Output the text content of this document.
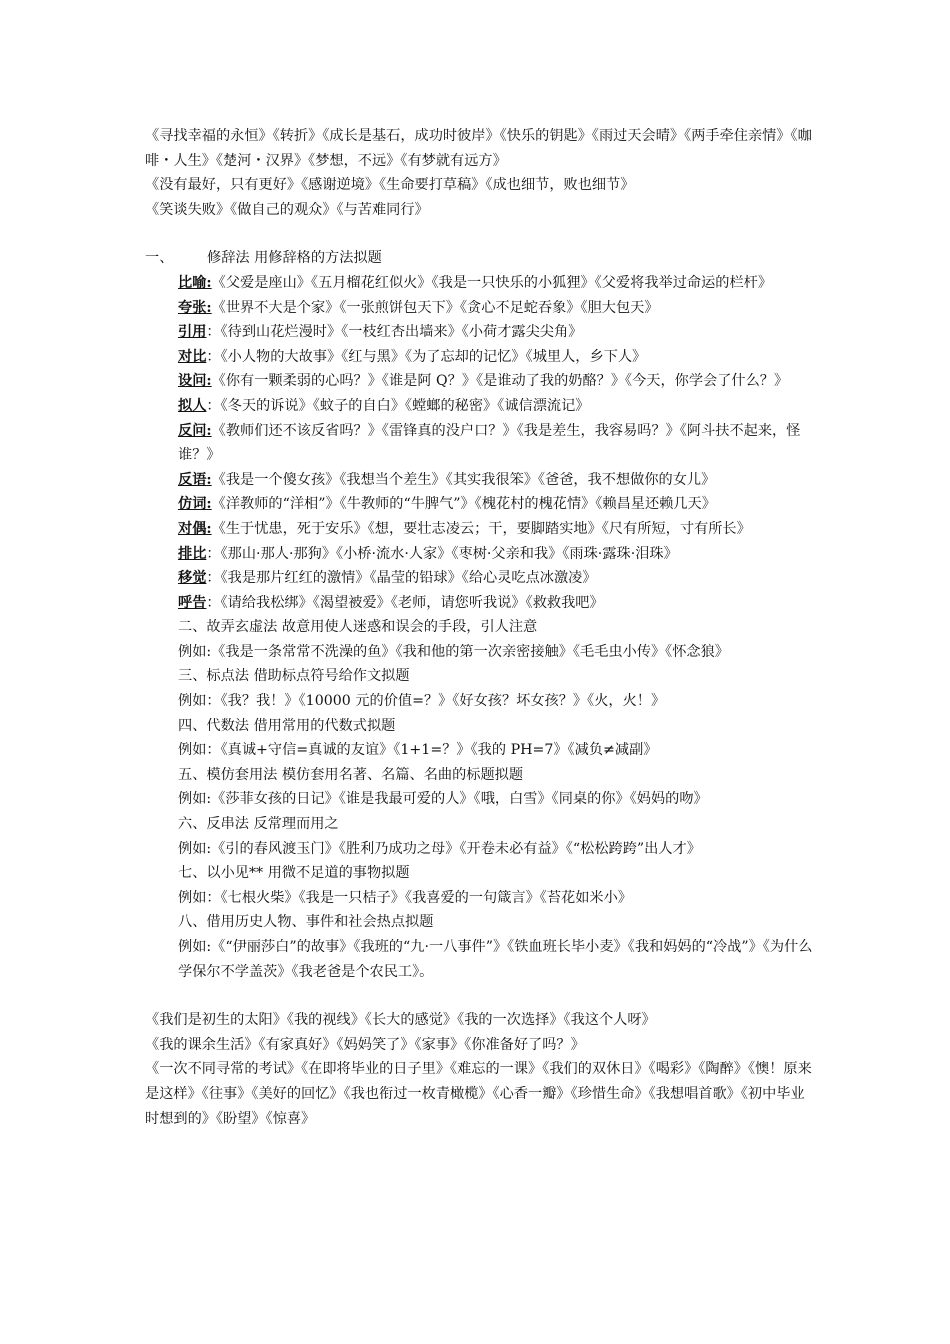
《寻找幸福的永恒》《转折》《成长是基石，成功时彼岸》《快乐的钥匙》《雨过天会晴》《两手牵住亲情》《咖啡・人生》《楚河・汉界》《梦想，不远》《有梦就有远方》

《没有最好，只有更好》《感谢逆境》《生命要打草稿》《成也细节，败也细节》

《笑谈失败》《做自己的观众》《与苦难同行》

一、	修辞法 用修辞格的方法拟题

比喻:《父爱是座山》《五月榴花红似火》《我是一只快乐的小狐狸》《父爱将我举过命运的栏杆》

夸张:《世界不大是个家》《一张煎饼包天下》《贪心不足蛇吞象》《胆大包天》

引用：《待到山花烂漫时》《一枝红杏出墙来》《小荷才露尖尖角》

对比：《小人物的大故事》《红与黑》《为了忘却的记忆》《城里人，乡下人》

设问:《你有一颗柔弱的心吗？》《谁是阿 Q？》《是谁动了我的奶酪？》《今天，你学会了什么？》

拟人：《冬天的诉说》《蚊子的自白》《螳螂的秘密》《诚信漂流记》

反问:《教师们还不该反省吗？》《雷锋真的没户口？》《我是差生，我容易吗？》《阿斗扶不起来，怪谁？》

反语:《我是一个傻女孩》《我想当个差生》《其实我很笨》《爸爸，我不想做你的女儿》

仿词:《洋教师的“洋相”》《牛教师的“牛脾气”》《槐花村的槐花情》《赖昌星还赖几天》

对偶:《生于忧患，死于安乐》《想，要壮志凌云；干，要脚踏实地》《尺有所短，寸有所长》

排比：《那山·那人·那狗》《小桥·流水·人家》《枣树·父亲和我》《雨珠·露珠·泪珠》

移觉：《我是那片红红的激情》《晶莹的铅球》《给心灵吃点冰激凌》

呼告：《请给我松绑》《渴望被爱》《老师，请您听我说》《救救我吧》

二、故弄玄虚法 故意用使人迷惑和误会的手段，引人注意

例如:《我是一条常常不洗澡的鱼》《我和他的第一次亲密接触》《毛毛虫小传》《怀念狼》

三、标点法 借助标点符号给作文拟题

例如：《我？我！》《10000 元的价值=？》《好女孩？坏女孩？》《火，火！》

四、代数法 借用常用的代数式拟题

例如：《真诚+守信=真诚的友谊》《1+1=？》《我的 PH=7》《减负≠减副》

五、模仿套用法 模仿套用名著、名篇、名曲的标题拟题

例如:《莎菲女孩的日记》《谁是我最可爱的人》《哦，白雪》《同桌的你》《妈妈的吻》

六、反串法 反常理而用之

例如:《引的春风渡玉门》《胜利乃成功之母》《开卷未必有益》《“松松跨跨”出人才》

七、以小见** 用微不足道的事物拟题

例如：《七根火柴》《我是一只桔子》《我喜爱的一句箴言》《苔花如米小》

八、借用历史人物、事件和社会热点拟题

例如:《“伊丽莎白”的故事》《我班的“九·一八事件”》《铁血班长毕小麦》《我和妈妈的“冷战”》《为什么学保尔不学盖茨》《我老爸是个农民工》。

《我们是初生的太阳》《我的视线》《长大的感觉》《我的一次选择》《我这个人呀》

《我的课余生活》《有家真好》《妈妈笑了》《家事》《你准备好了吗？》

《一次不同寻常的考试》《在即将毕业的日子里》《难忘的一课》《我们的双休日》《喝彩》《陶醉》《懊！原来是这样》《往事》《美好的回忆》《我也衔过一枚青橄榄》《心香一瓣》《珍惜生命》《我想唱首歌》《初中毕业时想到的》《盼望》《惊喜》
